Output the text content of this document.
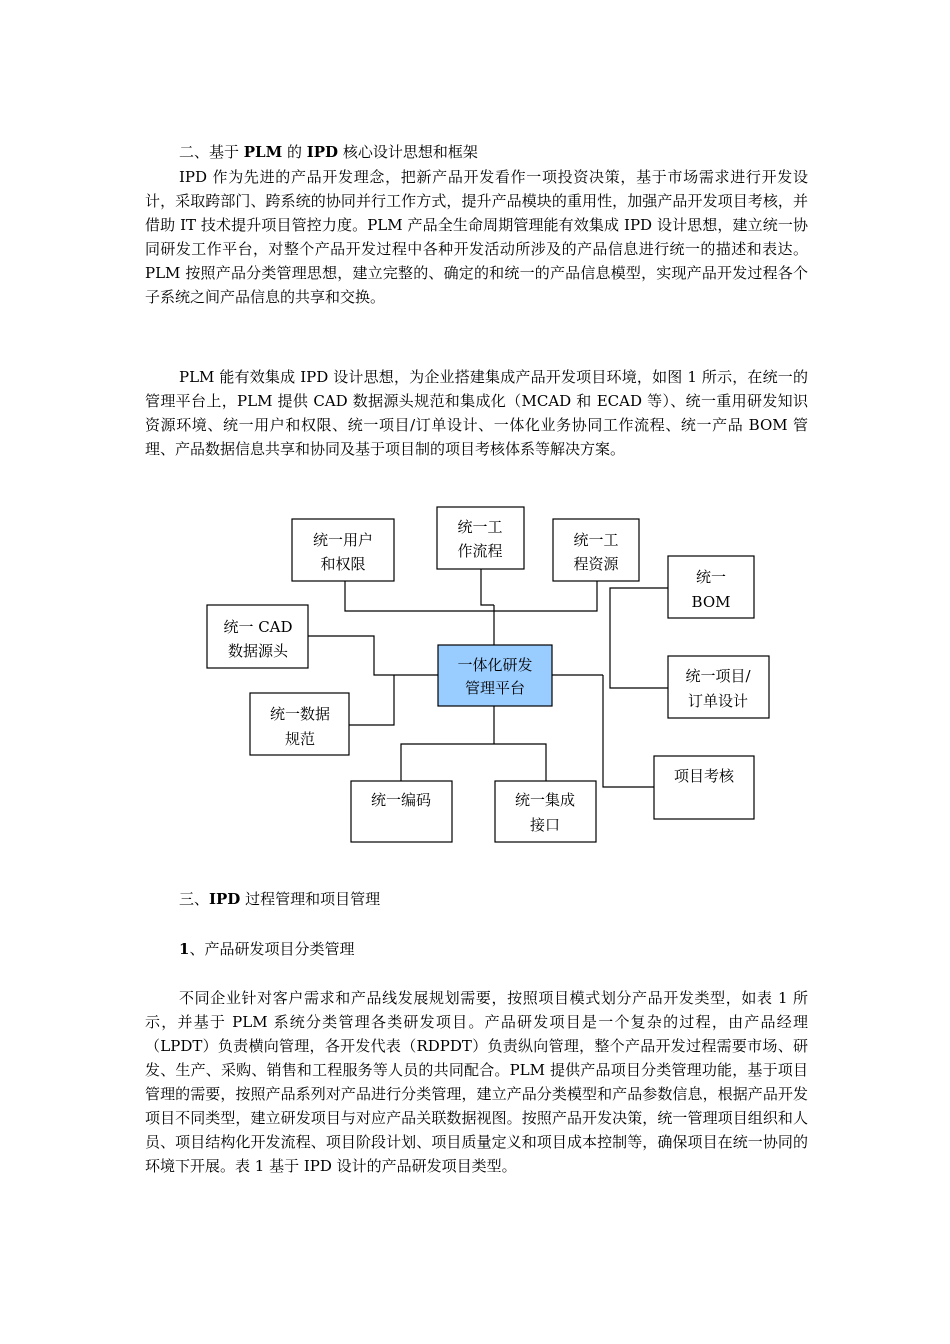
二、基于 PLM 的 IPD 核心设计思想和框架

IPD 作为先进的产品开发理念，把新产品开发看作一项投资决策，基于市场需求进行开发设计，采取跨部门、跨系统的协同并行工作方式，提升产品模块的重用性，加强产品开发项目考核，并借助 IT 技术提升项目管控力度。PLM 产品全生命周期管理能有效集成 IPD 设计思想，建立统一协同研发工作平台，对整个产品开发过程中各种开发活动所涉及的产品信息进行统一的描述和表达。PLM 按照产品分类管理思想，建立完整的、确定的和统一的产品信息模型，实现产品开发过程各个子系统之间产品信息的共享和交换。

PLM 能有效集成 IPD 设计思想，为企业搭建集成产品开发项目环境，如图 1 所示，在统一的管理平台上，PLM 提供 CAD 数据源头规范和集成化（MCAD 和 ECAD 等）、统一重用研发知识资源环境、统一用户和权限、统一项目/订单设计、一体化业务协同工作流程、统一产品 BOM 管理、产品数据信息共享和协同及基于项目制的项目考核体系等解决方案。

统一用户
和权限
统一工
作流程
统一工
程资源
统一
BOM
统一 CAD
数据源头
一体化研发
管理平台
统一项目/
订单设计
统一数据
规范
项目考核
统一编码	统一集成
接口

三、IPD 过程管理和项目管理

1、产品研发项目分类管理

不同企业针对客户需求和产品线发展规划需要，按照项目模式划分产品开发类型，如表 1 所示，并基于 PLM 系统分类管理各类研发项目。产品研发项目是一个复杂的过程，由产品经理（LPDT）负责横向管理，各开发代表（RDPDT）负责纵向管理，整个产品开发过程需要市场、研发、生产、采购、销售和工程服务等人员的共同配合。PLM 提供产品项目分类管理功能，基于项目管理的需要，按照产品系列对产品进行分类管理，建立产品分类模型和产品参数信息，根据产品开发项目不同类型，建立研发项目与对应产品关联数据视图。按照产品开发决策，统一管理项目组织和人员、项目结构化开发流程、项目阶段计划、项目质量定义和项目成本控制等，确保项目在统一协同的环境下开展。表 1 基于 IPD 设计的产品研发项目类型。
